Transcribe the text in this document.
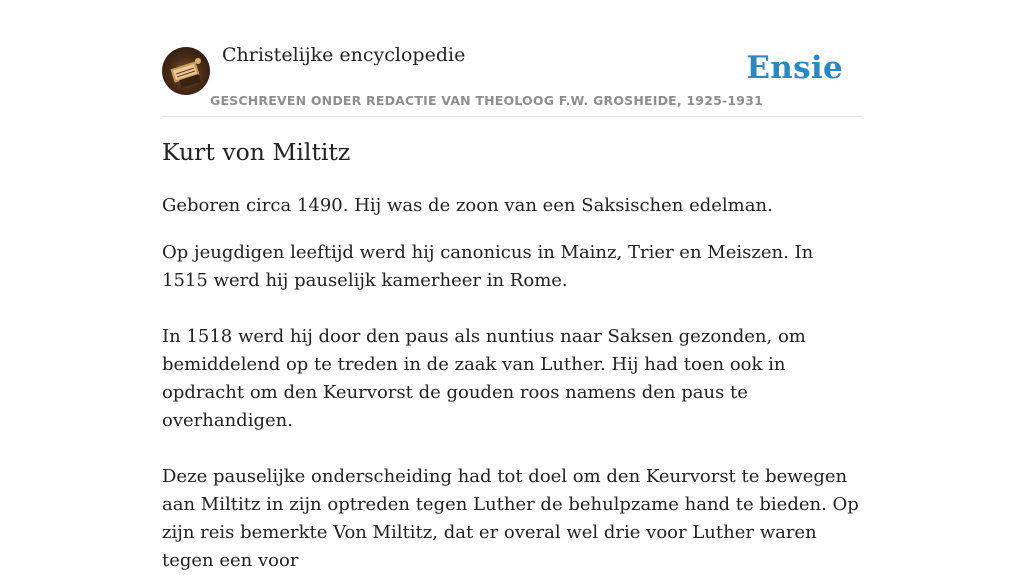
Christelijke encyclopedie
GESCHREVEN ONDER REDACTIE VAN THEOLOOG F.W. GROSHEIDE, 1925-1931
Ensie
Kurt von Miltitz

Geboren circa 1490. Hij was de zoon van een Saksischen edelman.

Op jeugdigen leeftijd werd hij canonicus in Mainz, Trier en Meiszen. In 1515 werd hij pauselijk kamerheer in Rome.

In 1518 werd hij door den paus als nuntius naar Saksen gezonden, om bemiddelend op te treden in de zaak van Luther. Hij had toen ook in opdracht om den Keurvorst de gouden roos namens den paus te overhandigen.

Deze pauselijke onderscheiding had tot doel om den Keurvorst te bewegen aan Miltitz in zijn optreden tegen Luther de behulpzame hand te bieden. Op zijn reis bemerkte Von Miltitz, dat er overal wel drie voor Luther waren tegen een voor
